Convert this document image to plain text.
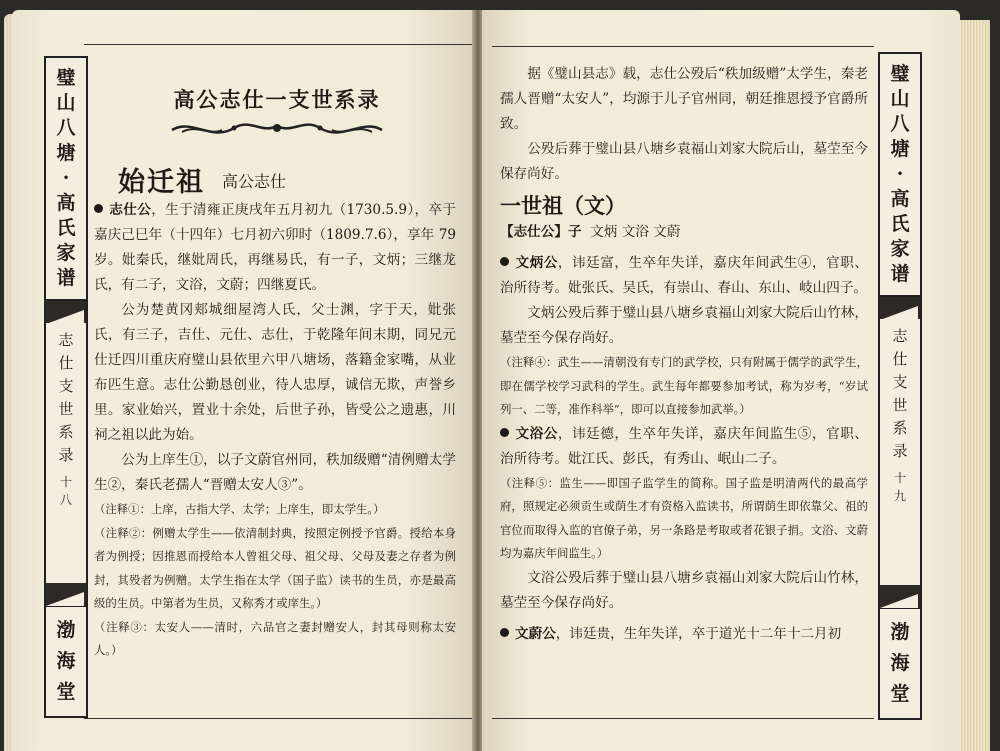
璧
山
八
塘
·
高
氏
家
谱
志
仕
支
世
系
录
十
八
渤
海
堂
高公志仕一支世系录
始迁祖 高公志仕

志仕公，生于清雍正庚戌年五月初九（1730.5.9），卒于嘉庆己巳年（十四年）七月初六卯时（1809.7.6），享年 79 岁。妣秦氏，继妣周氏，再继易氏，有一子，文炳；三继龙氏，有二子，文浴，文蔚；四继夏氏。

公为楚黄冈郏城细屋湾人氏，父士渊，字于天，妣张氏，有三子，吉仕、元仕、志仕，于乾隆年间末期，同兄元仕迁四川重庆府璧山县依里六甲八塘场，落籍金家嘴，从业布匹生意。志仕公勤恳创业，待人忠厚，诚信无欺，声誉乡里。家业始兴，置业十余处，后世子孙，皆受公之遗惠，川祠之祖以此为始。

公为上庠生①，以子文蔚官州同，秩加级赠“清例赠太学生②，秦氏老孺人“晋赠太安人③”。

（注释①：上庠，古指大学、太学；上庠生，即太学生。）

（注释②：例赠太学生——依清制封典，按照定例授予官爵。授给本身者为例授；因推恩而授给本人曾祖父母、祖父母、父母及妻之存者为例封，其殁者为例赠。太学生指在太学（国子监）读书的生员，亦是最高级的生员。中第者为生员，又称秀才或庠生。）

（注释③：太安人——清时，六品官之妻封赠安人，封其母则称太安人。）

璧
山
八
塘
·
高
氏
家
谱
志
仕
支
世
系
录
十
九
渤
海
堂

据《璧山县志》载，志仕公殁后“秩加级赠”太学生，秦老孺人晋赠“太安人”，均源于儿子官州同，朝廷推恩授予官爵所致。

公殁后葬于璧山县八塘乡袁福山刘家大院后山，墓茔至今保存尚好。

一世祖（文）

【志仕公】子 文炳 文浴 文蔚

文炳公，讳廷富，生卒年失详，嘉庆年间武生④，官职、治所待考。妣张氏、吴氏，有崇山、春山、东山、岐山四子。

文炳公殁后葬于璧山县八塘乡袁福山刘家大院后山竹林，墓茔至今保存尚好。

（注释④：武生——清朝没有专门的武学校，只有附属于儒学的武学生，即在儒学校学习武科的学生。武生每年都要参加考试，称为岁考，“岁试列一、二等，准作科举”，即可以直接参加武举。）

文浴公，讳廷德，生卒年失详，嘉庆年间监生⑤，官职、治所待考。妣江氏、彭氏，有秀山、岷山二子。

（注释⑤：监生——即国子监学生的简称。国子监是明清两代的最高学府，照规定必须贡生或荫生才有资格入监读书，所谓荫生即依靠父、祖的官位而取得入监的官僚子弟，另一条路是考取或者花银子捐。文浴、文蔚均为嘉庆年间监生。）

文浴公殁后葬于璧山县八塘乡袁福山刘家大院后山竹林，墓茔至今保存尚好。

文蔚公，讳廷贵，生年失详，卒于道光十二年十二月初
